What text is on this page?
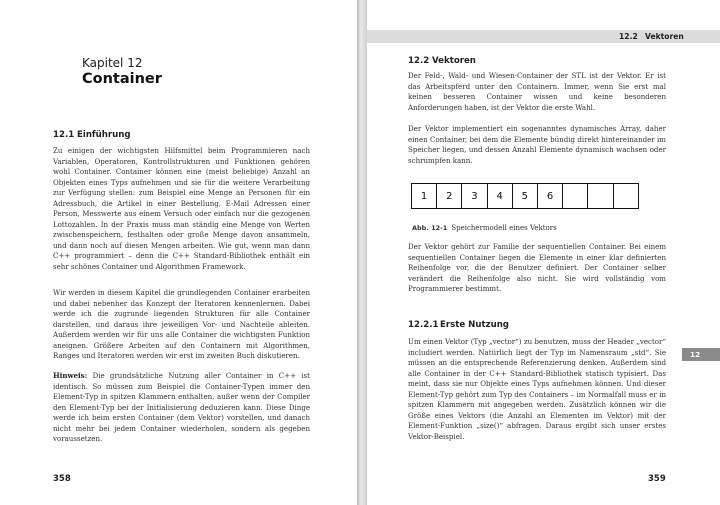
Kapitel 12
Container
12.1 Einführung

Zu einigen der wichtigsten Hilfsmittel beim Programmieren nach Variablen, Operatoren, Kontrollstrukturen und Funktionen gehören wohl Container. Container können eine (meist beliebige) Anzahl an Objekten eines Typs aufnehmen und sie für die weitere Verarbeitung zur Verfügung stellen: zum Beispiel eine Menge an Personen für ein Adressbuch, die Artikel in einer Bestellung, E-Mail Adressen einer Person, Messwerte aus einem Versuch oder einfach nur die gezogenen Lottozahlen. In der Praxis muss man ständig eine Menge von Werten zwischenspeichern, festhalten oder große Menge davon ansammeln, und dann noch auf diesen Mengen arbeiten. Wie gut, wenn man dann C++ programmiert – denn die C++ Standard-Bibliothek enthält ein sehr schönes Container und Algorithmen Framework.

Wir werden in diesem Kapitel die grundlegenden Container erarbeiten und dabei nebenher das Konzept der Iteratoren kennenlernen. Dabei werde ich die zugrunde liegenden Strukturen für alle Container darstellen, und daraus ihre jeweiligen Vor- und Nachteile ableiten. Außerdem werden wir für uns alle Container die wichtigsten Funktion aneignen. Größere Arbeiten auf den Containern mit Algorithmen, Ranges und Iteratoren werden wir erst im zweiten Buch diskutieren.

Hinweis: Die grundsätzliche Nutzung aller Container in C++ ist identisch. So müssen zum Beispiel die Container-Typen immer den Element-Typ in spitzen Klammern enthalten, außer wenn der Compiler den Element-Typ bei der Initialisierung deduzieren kann. Diese Dinge werde ich beim ersten Container (dem Vektor) vorstellen, und danach nicht mehr bei jedem Container wiederholen, sondern als gegeben voraussetzen.

358
12.2 Vektoren
12.2 Vektoren

Der Feld-, Wald- und Wiesen-Container der STL ist der Vektor. Er ist das Arbeitspferd unter den Containern. Immer, wenn Sie erst mal keinen besseren Container wissen und keine besonderen Anforderungen haben, ist der Vektor die erste Wahl.

Der Vektor implementiert ein sogenanntes dynamisches Array, daher einen Container, bei dem die Elemente bündig direkt hintereinander im Speicher liegen, und dessen Anzahl Elemente dynamisch wachsen oder schrumpfen kann.

1	2	3	4	5	6
Abb. 12-1 Speichermodell eines Vektors

Der Vektor gehört zur Familie der sequentiellen Container. Bei einem sequentiellen Container liegen die Elemente in einer klar definierten Reihenfolge vor, die der Benutzer definiert. Der Container selber verändert die Reihenfolge also nicht. Sie wird vollständig vom Programmierer bestimmt.

12.2.1 Erste Nutzung

Um einen Vektor (Typ „vector“) zu benutzen, muss der Header „vector“ includiert werden. Natürlich liegt der Typ im Namensraum „std“. Sie müssen an die entsprechende Referenzierung denken. Außerdem sind alle Container in der C++ Standard-Bibliothek statisch typisiert. Das meint, dass sie nur Objekte eines Typs aufnehmen können. Und dieser Element-Typ gehört zum Typ des Containers – im Normalfall muss er in spitzen Klammern mit angegeben werden. Zusätzlich können wir die Größe eines Vektors (die Anzahl an Elementen im Vektor) mit der Element-Funktion „size()“ abfragen. Daraus ergibt sich unser erstes Vektor-Beispiel.

12
359
